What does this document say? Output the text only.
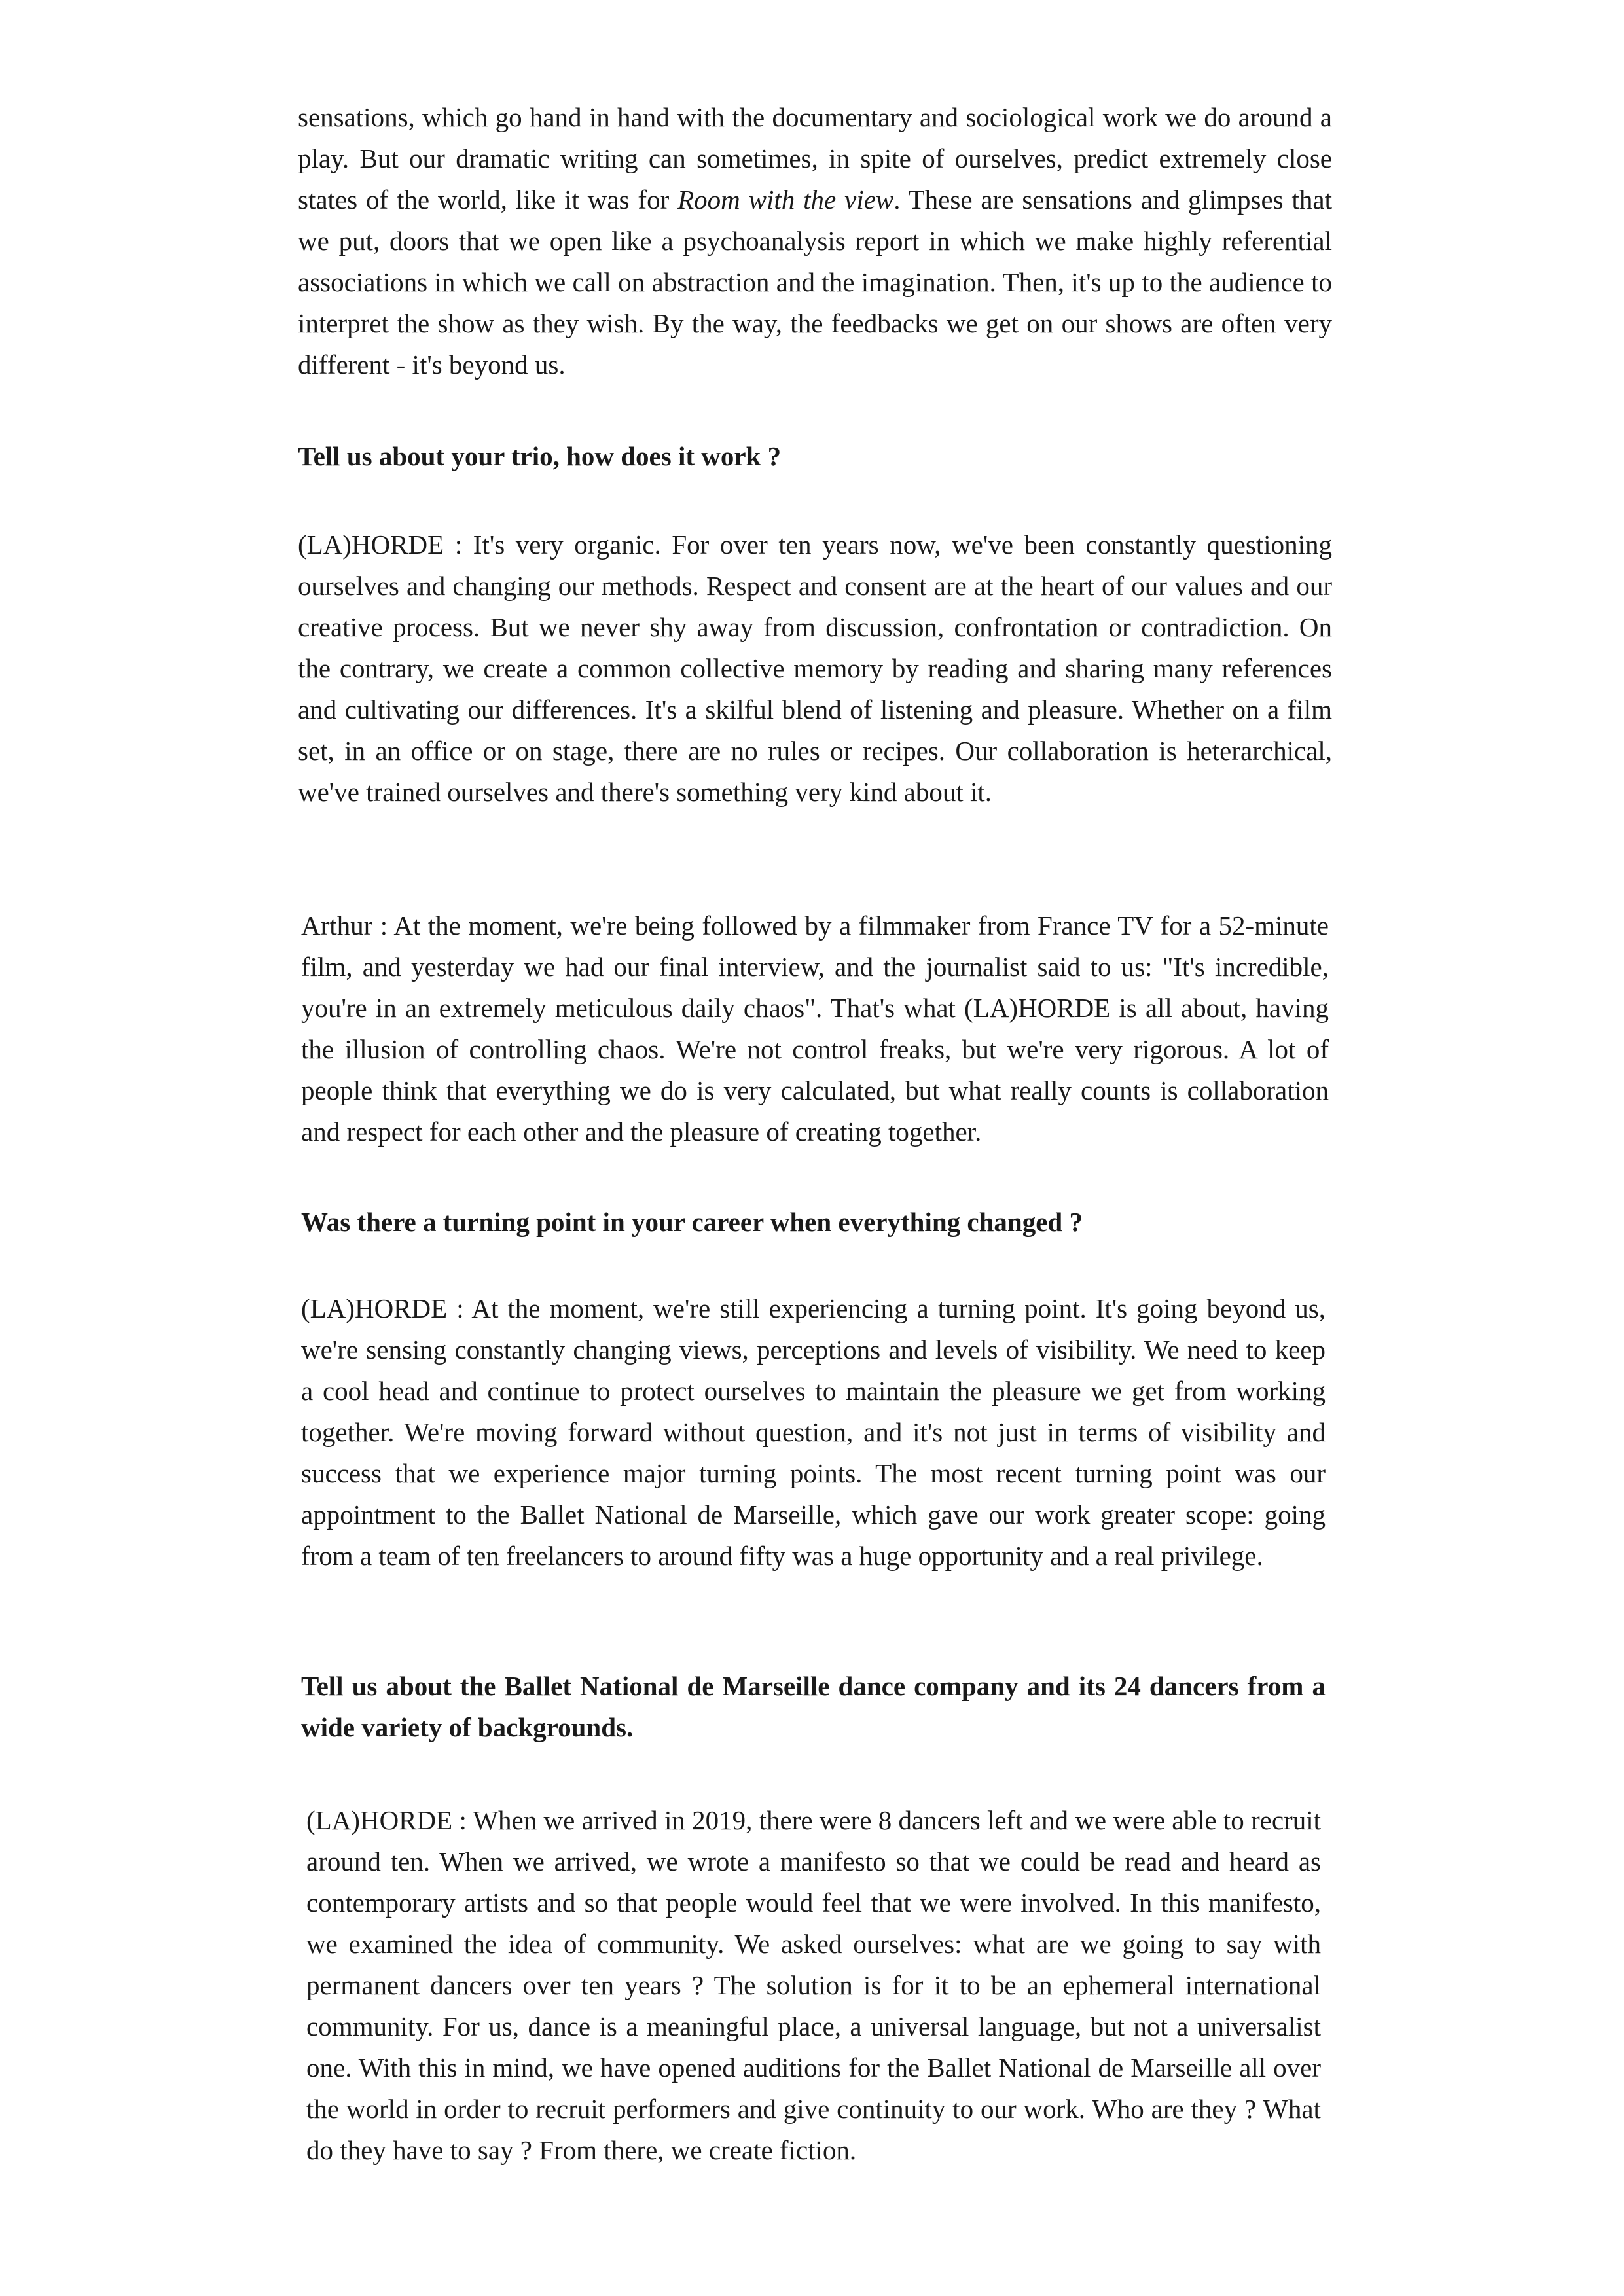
sensations, which go hand in hand with the documentary and sociological work we do around a play. But our dramatic writing can sometimes, in spite of ourselves, predict extremely close states of the world, like it was for Room with the view. These are sensations and glimpses that we put, doors that we open like a psychoanalysis report in which we make highly referential associations in which we call on abstraction and the imagination. Then, it's up to the audience to interpret the show as they wish. By the way, the feedbacks we get on our shows are often very different - it's beyond us.

Tell us about your trio, how does it work ?

(LA)HORDE : It's very organic. For over ten years now, we've been constantly questioning ourselves and changing our methods. Respect and consent are at the heart of our values and our creative process. But we never shy away from discussion, confrontation or contradiction. On the contrary, we create a common collective memory by reading and sharing many references and cultivating our differences. It's a skilful blend of listening and pleasure. Whether on a film set, in an office or on stage, there are no rules or recipes. Our collaboration is heterarchical, we've trained ourselves and there's something very kind about it.

Arthur : At the moment, we're being followed by a filmmaker from France TV for a 52-minute film, and yesterday we had our final interview, and the journalist said to us: "It's incredible, you're in an extremely meticulous daily chaos". That's what (LA)HORDE is all about, having the illusion of controlling chaos. We're not control freaks, but we're very rigorous. A lot of people think that everything we do is very calculated, but what really counts is collaboration and respect for each other and the pleasure of creating together.

Was there a turning point in your career when everything changed ?

(LA)HORDE : At the moment, we're still experiencing a turning point. It's going beyond us, we're sensing constantly changing views, perceptions and levels of visibility. We need to keep a cool head and continue to protect ourselves to maintain the pleasure we get from working together. We're moving forward without question, and it's not just in terms of visibility and success that we experience major turning points. The most recent turning point was our appointment to the Ballet National de Marseille, which gave our work greater scope: going from a team of ten freelancers to around fifty was a huge opportunity and a real privilege.

Tell us about the Ballet National de Marseille dance company and its 24 dancers from a wide variety of backgrounds.

(LA)HORDE : When we arrived in 2019, there were 8 dancers left and we were able to recruit around ten. When we arrived, we wrote a manifesto so that we could be read and heard as contemporary artists and so that people would feel that we were involved. In this manifesto, we examined the idea of community. We asked ourselves: what are we going to say with permanent dancers over ten years ? The solution is for it to be an ephemeral international community. For us, dance is a meaningful place, a universal language, but not a universalist one. With this in mind, we have opened auditions for the Ballet National de Marseille all over the world in order to recruit performers and give continuity to our work. Who are they ? What do they have to say ? From there, we create fiction.
